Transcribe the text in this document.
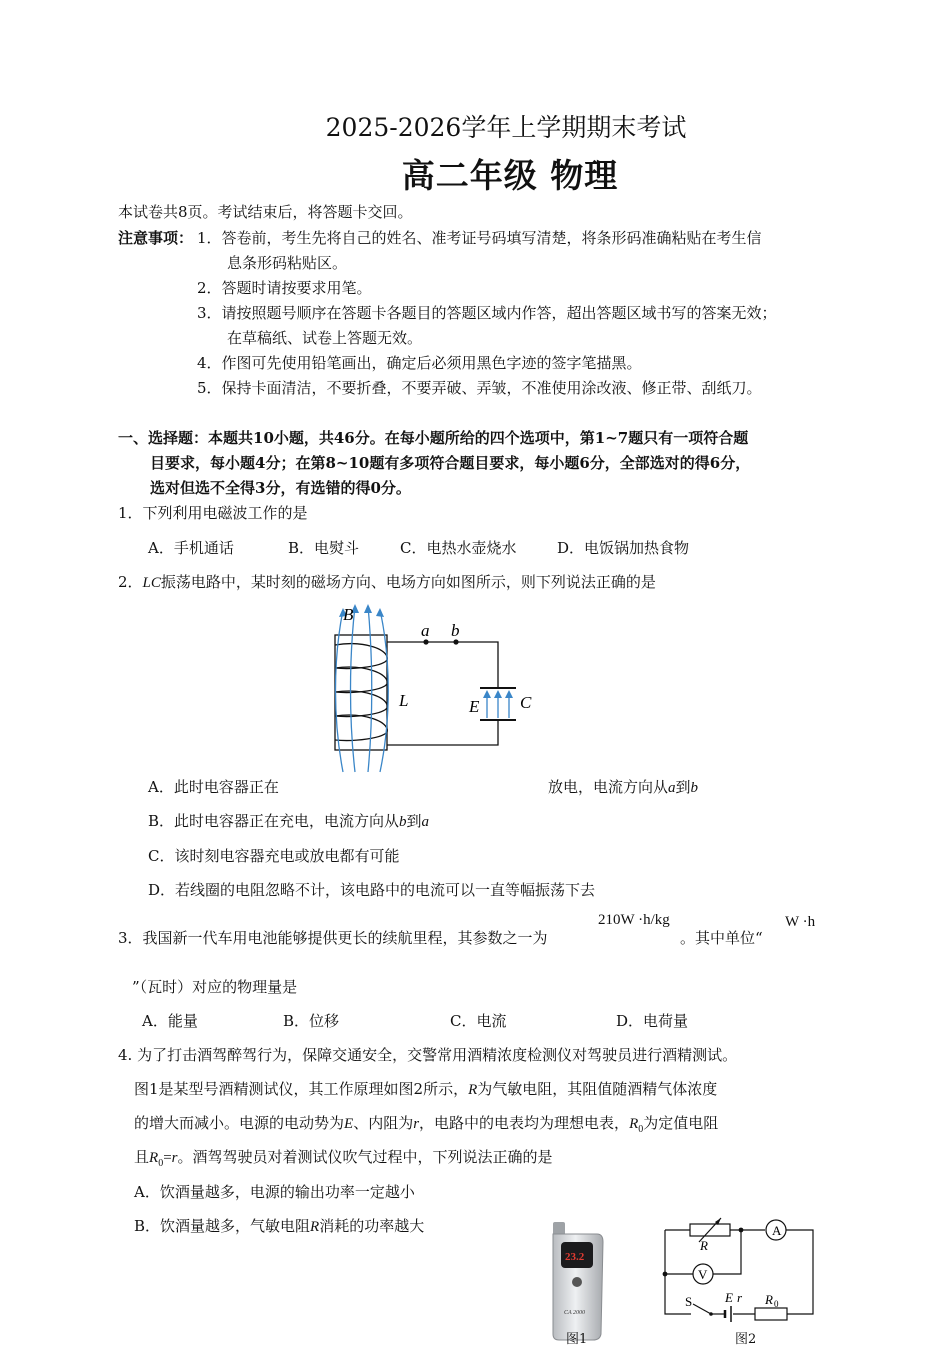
2025-2026学年上学期期末考试
高二年级 物理
本试卷共8页。考试结束后，将答题卡交回。
注意事项： 1．答卷前，考生先将自己的姓名、准考证号码填写清楚，将条形码准确粘贴在考生信
息条形码粘贴区。
2．答题时请按要求用笔。
3．请按照题号顺序在答题卡各题目的答题区域内作答，超出答题区域书写的答案无效；
在草稿纸、试卷上答题无效。
4．作图可先使用铅笔画出，确定后必须用黑色字迹的签字笔描黑。
5．保持卡面清洁，不要折叠，不要弄破、弄皱，不准使用涂改液、修正带、刮纸刀。
一、选择题：本题共10小题，共46分。在每小题所给的四个选项中，第1~7题只有一项符合题
目要求，每小题4分；在第8~10题有多项符合题目要求，每小题6分，全部选对的得6分，
选对但选不全得3分，有选错的得0分。
1．下列利用电磁波工作的是
A．手机通话	B．电熨斗	C．电热水壶烧水	D．电饭锅加热食物
2．LC振荡电路中，某时刻的磁场方向、电场方向如图所示，则下列说法正确的是
B
a b
L	E C
A．此时电容器正在	放电，电流方向从a到b
B．此时电容器正在充电，电流方向从b到a
C．该时刻电容器充电或放电都有可能
D．若线圈的电阻忽略不计，该电路中的电流可以一直等幅振荡下去
3．我国新一代车用电池能够提供更长的续航里程，其参数之一为
210W ·h/kg
。其中单位“
W ·h
”（瓦时）对应的物理量是
A．能量	B．位移	C．电流	D．电荷量
4. 为了打击酒驾醉驾行为，保障交通安全，交警常用酒精浓度检测仪对驾驶员进行酒精测试。
图1是某型号酒精测试仪，其工作原理如图2所示，R为气敏电阻，其阻值随酒精气体浓度
的增大而减小。电源的电动势为E、内阻为r，电路中的电表均为理想电表，$R_0$为定值电阻
且$R_0=r$。酒驾驾驶员对着测试仪吹气过程中，下列说法正确的是
A．饮酒量越多，电源的输出功率一定越小
B．饮酒量越多，气敏电阻R消耗的功率越大
23.2
CA 2000
图1
A
V
R
S	E r R 0
图2
